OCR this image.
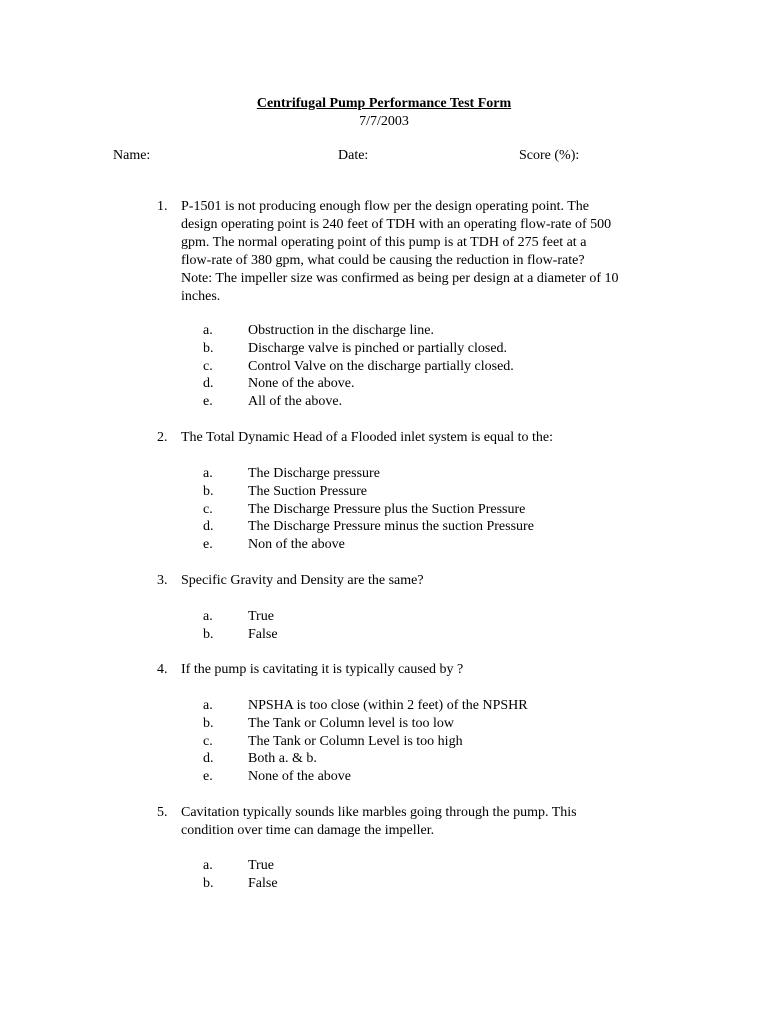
Centrifugal Pump Performance Test Form
7/7/2003
Name:	Date:	Score (%):
1. P-1501 is not producing enough flow per the design operating point. The
design operating point is 240 feet of TDH with an operating flow-rate of 500
gpm. The normal operating point of this pump is at TDH of 275 feet at a
flow-rate of 380 gpm, what could be causing the reduction in flow-rate?
Note: The impeller size was confirmed as being per design at a diameter of 10
inches.
a.	Obstruction in the discharge line.
b. Discharge valve is pinched or partially closed.
c.	Control Valve on the discharge partially closed.
d. None of the above.
e.	All of the above.
2. The Total Dynamic Head of a Flooded inlet system is equal to the:
a.	The Discharge pressure
b. The Suction Pressure
c.	The Discharge Pressure plus the Suction Pressure
d. The Discharge Pressure minus the suction Pressure
e.	Non of the above
3. Specific Gravity and Density are the same?
a.	True
b. False
4. If the pump is cavitating it is typically caused by ?
a.	NPSHA is too close (within 2 feet) of the NPSHR
b. The Tank or Column level is too low
c.	The Tank or Column Level is too high
d. Both a. & b.
e.	None of the above
5. Cavitation typically sounds like marbles going through the pump. This
condition over time can damage the impeller.
a.	True
b. False
